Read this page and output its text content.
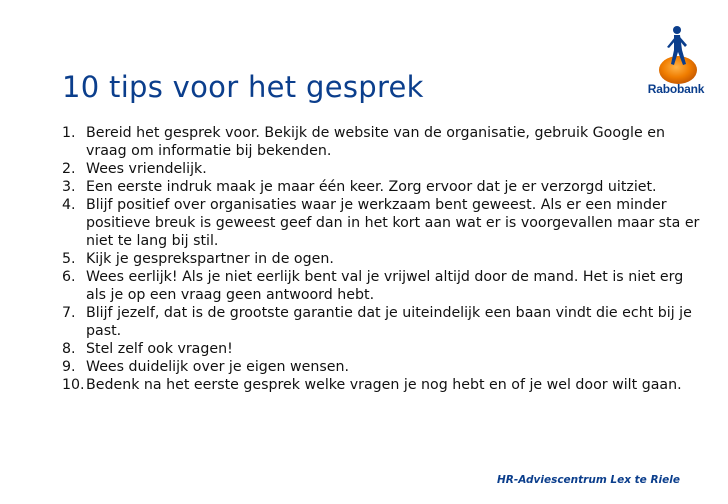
10 tips voor het gesprek	Rabobank
1. Bereid het gesprek voor. Bekijk de website van de organisatie, gebruik Google en vraag om informatie bij bekenden.
2. Wees vriendelijk.
3. Een eerste indruk maak je maar één keer. Zorg ervoor dat je er verzorgd uitziet.
4. Blijf positief over organisaties waar je werkzaam bent geweest. Als er een minder positieve breuk is geweest geef dan in het kort aan wat er is voorgevallen maar sta er niet te lang bij stil.
5. Kijk je gesprekspartner in de ogen.
6. Wees eerlijk! Als je niet eerlijk bent val je vrijwel altijd door de mand. Het is niet erg als je op een vraag geen antwoord hebt.
7. Blijf jezelf, dat is de grootste garantie dat je uiteindelijk een baan vindt die echt bij je past.
8. Stel zelf ook vragen!
9. Wees duidelijk over je eigen wensen.
10. Bedenk na het eerste gesprek welke vragen je nog hebt en of je wel door wilt gaan.
HR-Adviescentrum Lex te Riele
